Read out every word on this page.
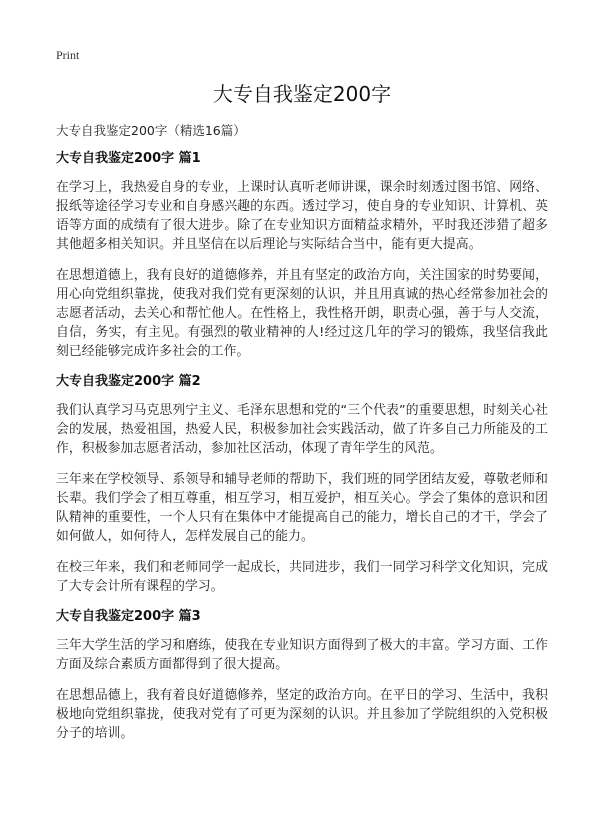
Print
大专自我鉴定200字

大专自我鉴定200字（精选16篇）

大专自我鉴定200字 篇1

在学习上，我热爱自身的专业，上课时认真听老师讲课，课余时刻透过图书馆、网络、报纸等途径学习专业和自身感兴趣的东西。透过学习，使自身的专业知识、计算机、英语等方面的成绩有了很大进步。除了在专业知识方面精益求精外，平时我还涉猎了超多其他超多相关知识。并且坚信在以后理论与实际结合当中，能有更大提高。

在思想道德上，我有良好的道德修养，并且有坚定的政治方向，关注国家的时势要闻，用心向党组织靠拢，使我对我们党有更深刻的认识，并且用真诚的热心经常参加社会的志愿者活动，去关心和帮忙他人。在性格上，我性格开朗，职责心强，善于与人交流，自信，务实，有主见。有强烈的敬业精神的人!经过这几年的学习的锻炼，我坚信我此刻已经能够完成许多社会的工作。

大专自我鉴定200字 篇2

我们认真学习马克思列宁主义、毛泽东思想和党的“三个代表”的重要思想，时刻关心社会的发展，热爱祖国，热爱人民，积极参加社会实践活动，做了许多自己力所能及的工作，积极参加志愿者活动，参加社区活动，体现了青年学生的风范。

三年来在学校领导、系领导和辅导老师的帮助下，我们班的同学团结友爱，尊敬老师和长辈。我们学会了相互尊重，相互学习，相互爱护，相互关心。学会了集体的意识和团队精神的重要性，一个人只有在集体中才能提高自己的能力，增长自己的才干，学会了如何做人，如何待人，怎样发展自己的能力。

在校三年来，我们和老师同学一起成长，共同进步，我们一同学习科学文化知识，完成了大专会计所有课程的学习。

大专自我鉴定200字 篇3

三年大学生活的学习和磨练，使我在专业知识方面得到了极大的丰富。学习方面、工作方面及综合素质方面都得到了很大提高。

在思想品德上，我有着良好道德修养，坚定的政治方向。在平日的学习、生活中，我积极地向党组织靠拢，使我对党有了可更为深刻的认识。并且参加了学院组织的入党积极分子的培训。
